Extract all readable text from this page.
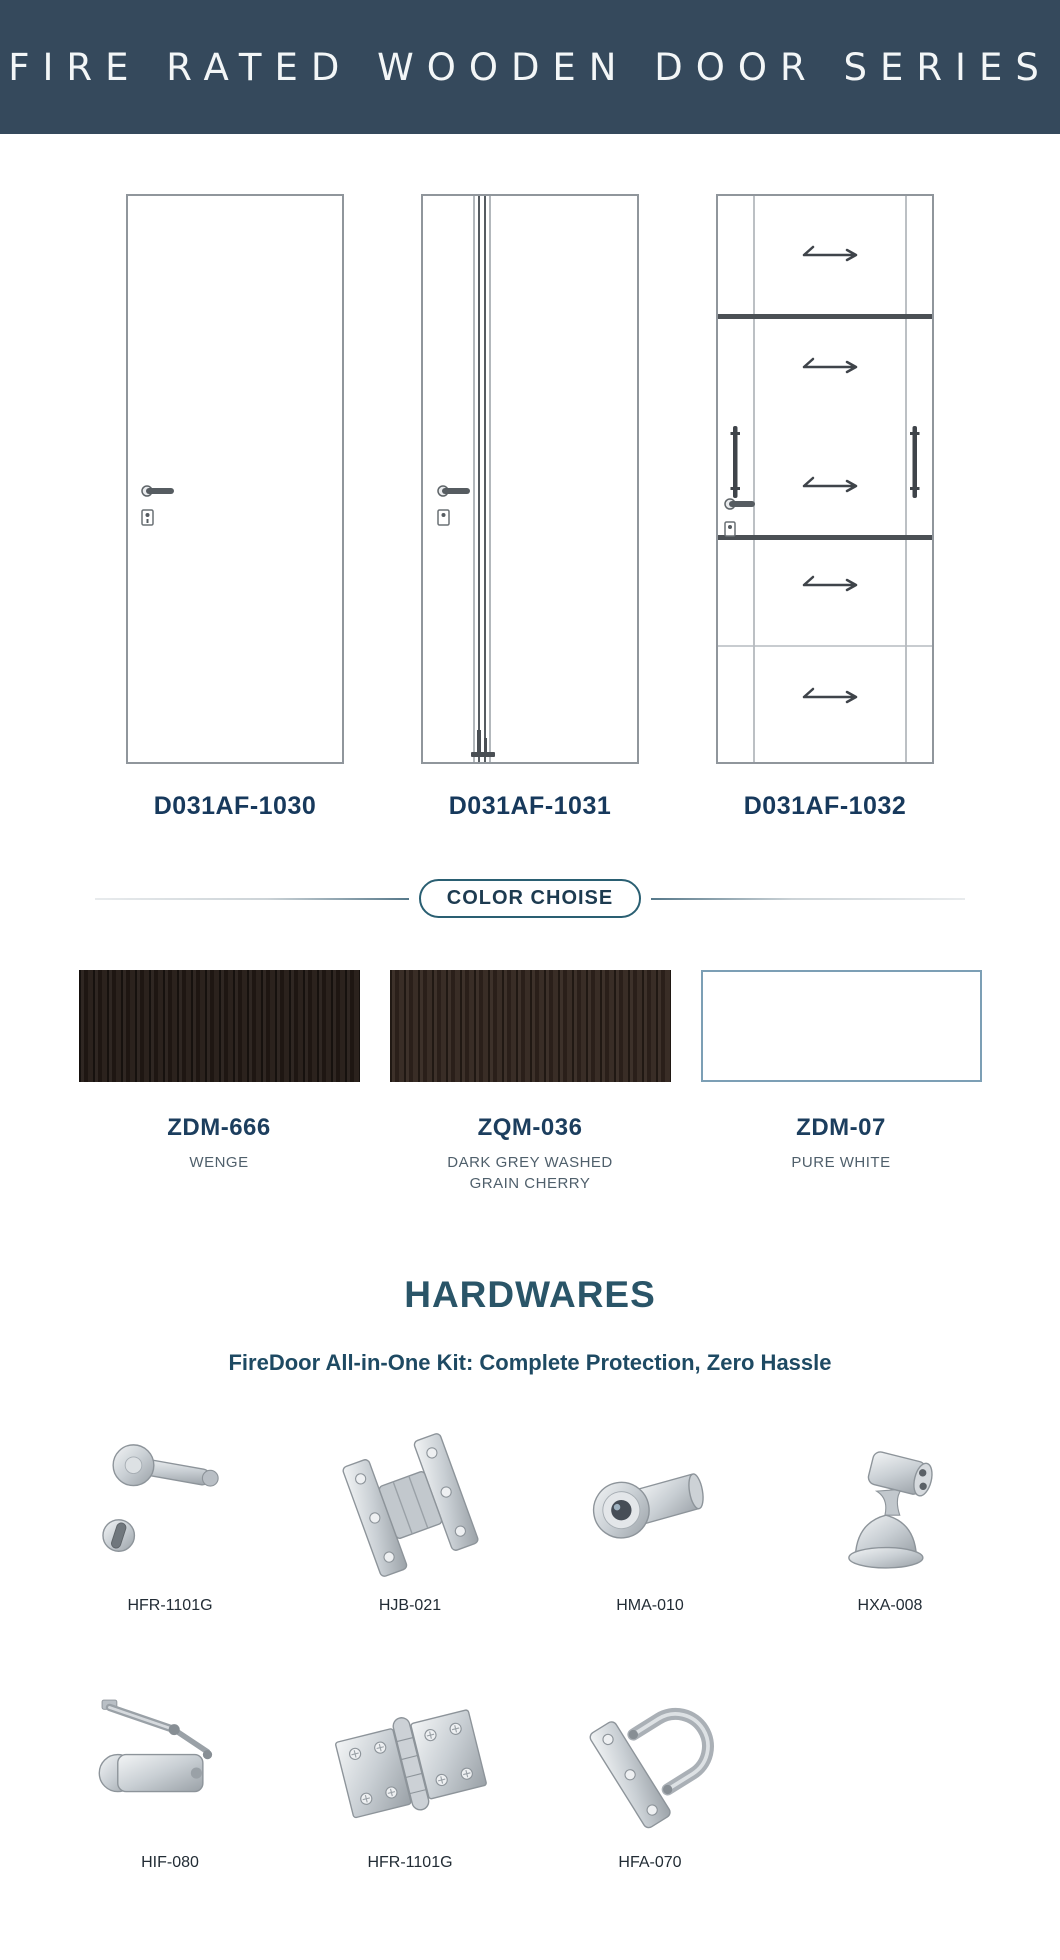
FIRE RATED WOODEN DOOR SERIES
D031AF-1030	D031AF-1031	D031AF-1032
COLOR CHOISE
ZDM-666
WENGE
ZQM-036
DARK GREY WASHED GRAIN CHERRY
ZDM-07
PURE WHITE
HARDWARES
FireDoor All-in-One Kit: Complete Protection, Zero Hassle
HFR-1101G	HJB-021	HMA-010	HXA-008
HIF-080	HFR-1101G	HFA-070
